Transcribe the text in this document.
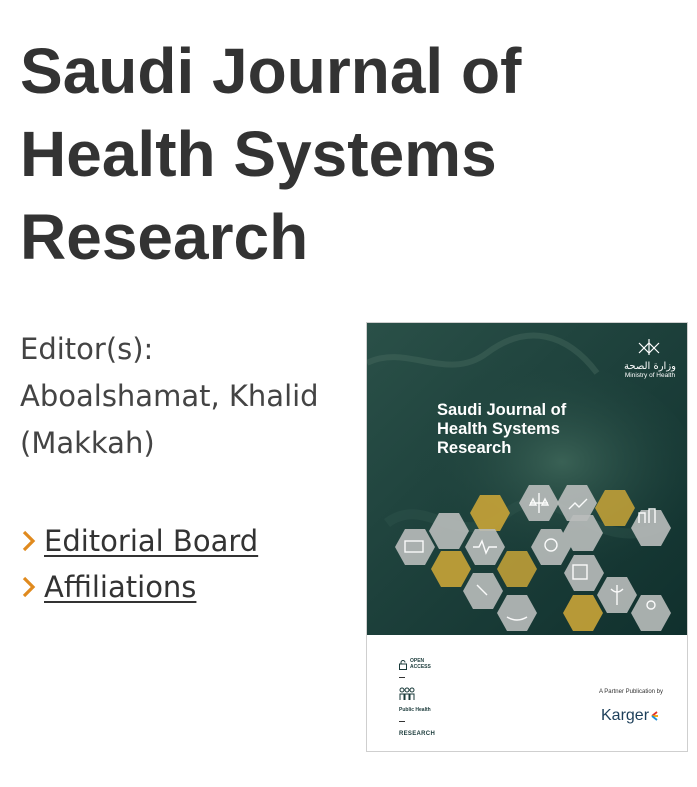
Saudi Journal of
Health Systems
Research
Editor(s):
Aboalshamat, Khalid
(Makkah)
Editorial Board
Affiliations
Saudi Journal of
Health Systems
Research
وزارة الصحة
Ministry of Health
OPEN ACCESS
Public Health
RESEARCH
A Partner Publication by
Karger
